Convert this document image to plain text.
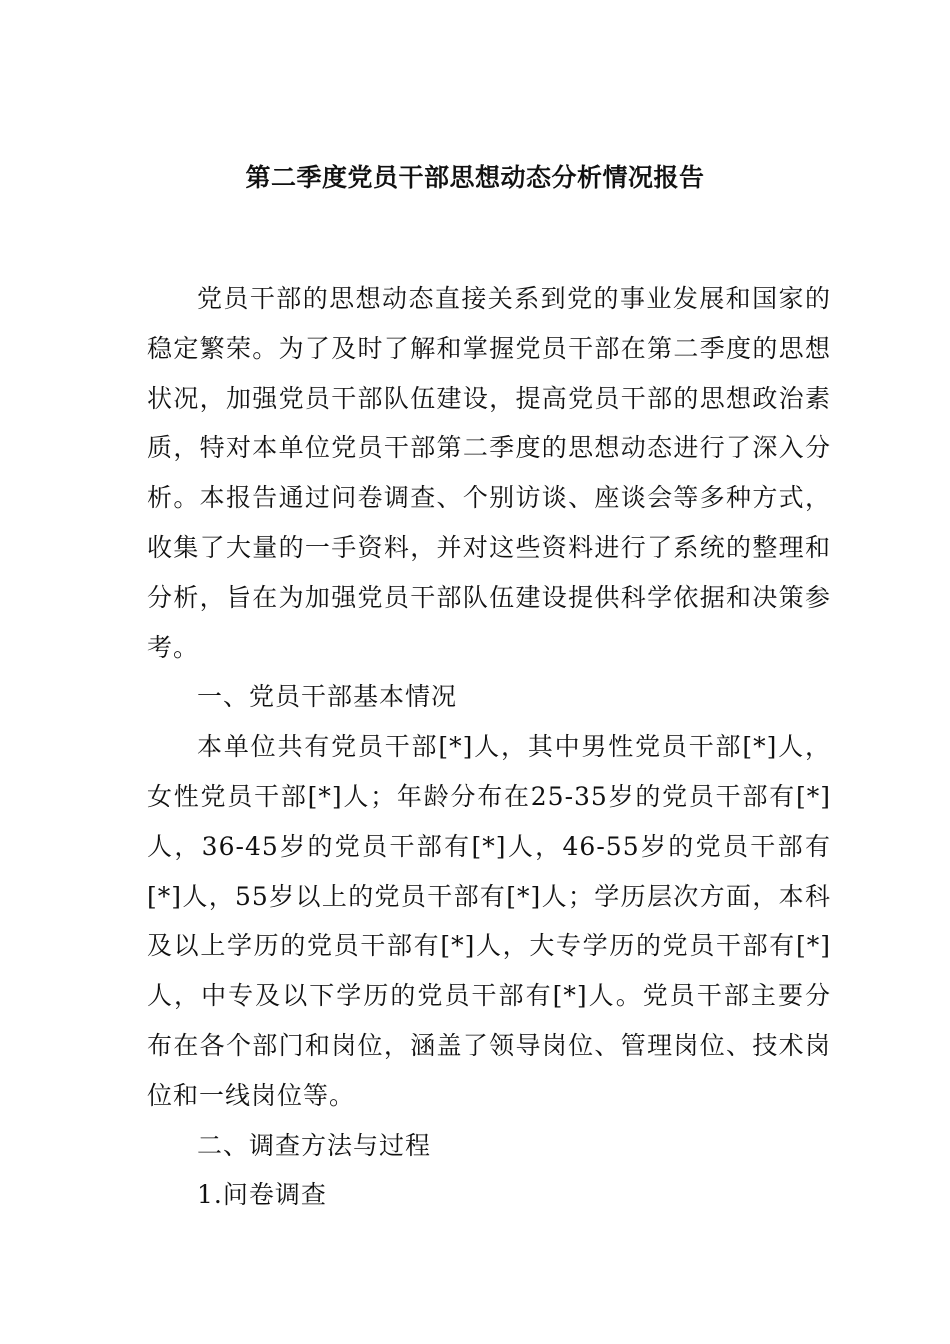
第二季度党员干部思想动态分析情况报告

党员干部的思想动态直接关系到党的事业发展和国家的稳定繁荣。为了及时了解和掌握党员干部在第二季度的思想状况，加强党员干部队伍建设，提高党员干部的思想政治素质，特对本单位党员干部第二季度的思想动态进行了深入分析。本报告通过问卷调查、个别访谈、座谈会等多种方式，收集了大量的一手资料，并对这些资料进行了系统的整理和分析，旨在为加强党员干部队伍建设提供科学依据和决策参考。

一、党员干部基本情况

本单位共有党员干部[*]人，其中男性党员干部[*]人，女性党员干部[*]人；年龄分布在25-35岁的党员干部有[*]人，36-45岁的党员干部有[*]人，46-55岁的党员干部有[*]人，55岁以上的党员干部有[*]人；学历层次方面，本科及以上学历的党员干部有[*]人，大专学历的党员干部有[*]人，中专及以下学历的党员干部有[*]人。党员干部主要分布在各个部门和岗位，涵盖了领导岗位、管理岗位、技术岗位和一线岗位等。

二、调查方法与过程

1.问卷调查
